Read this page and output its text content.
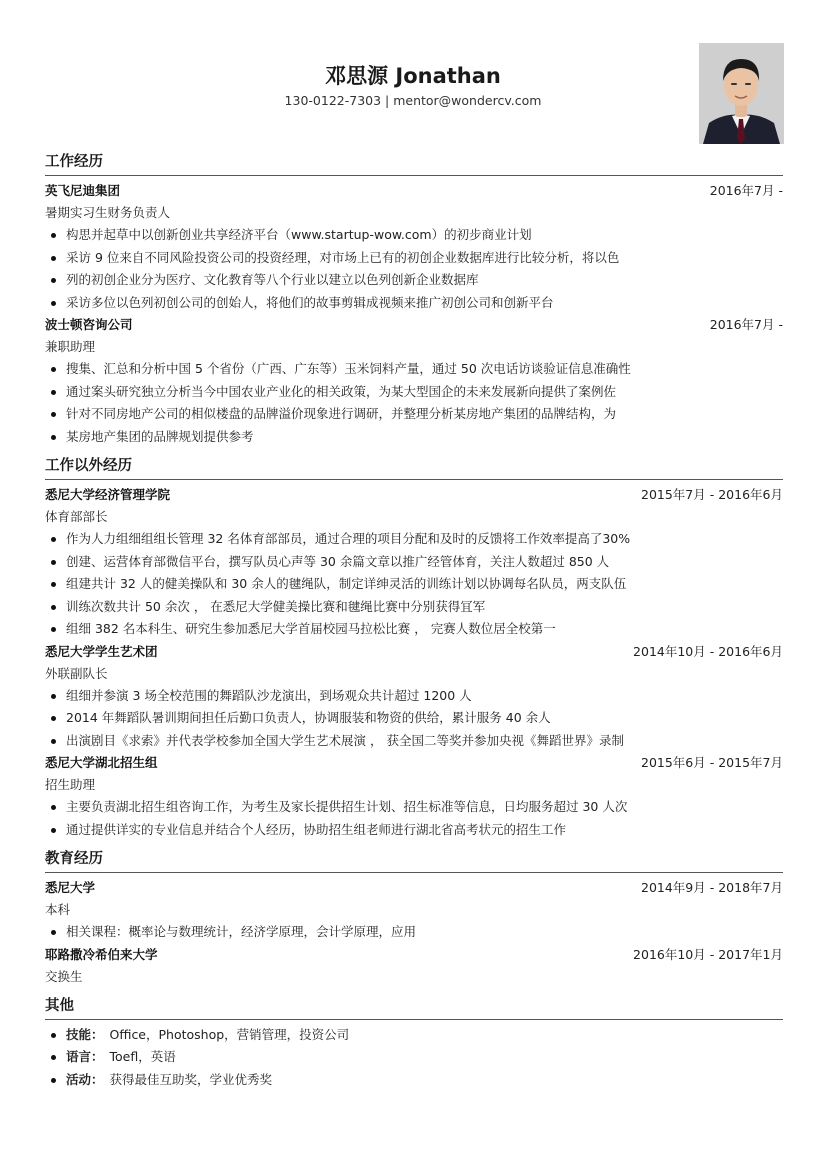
邓思源 Jonathan
130-0122-7303 | mentor@wondercv.com
工作经历
英飞尼迪集团	2016年7月 -
暑期实习生财务负责人
构思并起草中以创新创业共享经济平台（www.startup-wow.com）的初步商业计划
采访 9 位来自不同风险投资公司的投资经理，对市场上已有的初创企业数据库进行比较分析，将以色
列的初创企业分为医疗、文化教育等八个行业以建立以色列创新企业数据库
采访多位以色列初创公司的创始人，将他们的故事剪辑成视频来推广初创公司和创新平台
波士顿咨询公司	2016年7月 -
兼职助理
搜集、汇总和分析中国 5 个省份（广西、广东等）玉米饲料产量，通过 50 次电话访谈验证信息准确性
通过案头研究独立分析当今中国农业产业化的相关政策，为某大型国企的未来发展新向提供了案例佐
针对不同房地产公司的相似楼盘的品牌溢价现象进行调研，并整理分析某房地产集团的品牌结构，为
某房地产集团的品牌规划提供参考
工作以外经历
悉尼大学经济管理学院	2015年7月 - 2016年6月
体育部部长
作为人力组细组组长管理 32 名体育部部员，通过合理的项目分配和及时的反馈将工作效率提高了30%
创建、运营体育部微信平台，撰写队员心声等 30 余篇文章以推广经管体育，关注人数超过 850 人
组建共计 32 人的健美操队和 30 余人的毽绳队，制定详绅灵活的训练计划以协调每名队员，两支队伍
训练次数共计 50 余次 ， 在悉尼大学健美操比赛和毽绳比赛中分别获得冝军
组细 382 名本科生、研究生参加悉尼大学首届校园马拉松比赛 ， 完赛人数位居全校第一
悉尼大学学生艺术团	2014年10月 - 2016年6月
外联副队长
组细并参演 3 场全校范围的舞蹈队沙龙演出，到场观众共计超过 1200 人
2014 年舞蹈队暑训期间担任后勤口负责人，协调服装和物资的供给，累计服务 40 余人
出演剧目《求索》并代表学校参加全国大学生艺术展演 ， 获全国二等奖并参加央视《舞蹈世界》录制
悉尼大学湖北招生组	2015年6月 - 2015年7月
招生助理
主要负责湖北招生组咨询工作，为考生及家长提供招生计划、招生标准等信息，日均服务超过 30 人次
通过提供详实的专业信息并结合个人经历，协助招生组老师进行湖北省高考状元的招生工作
教育经历
悉尼大学	2014年9月 - 2018年7月
本科
相关课程：概率论与数理统计，经济学原理，会计学原理，应用
耶路撒冷希伯来大学	2016年10月 - 2017年1月
交换生
其他
技能： Office，Photoshop，营销管理，投资公司
语言： Toefl，英语
活动： 获得最佳互助奖，学业优秀奖
